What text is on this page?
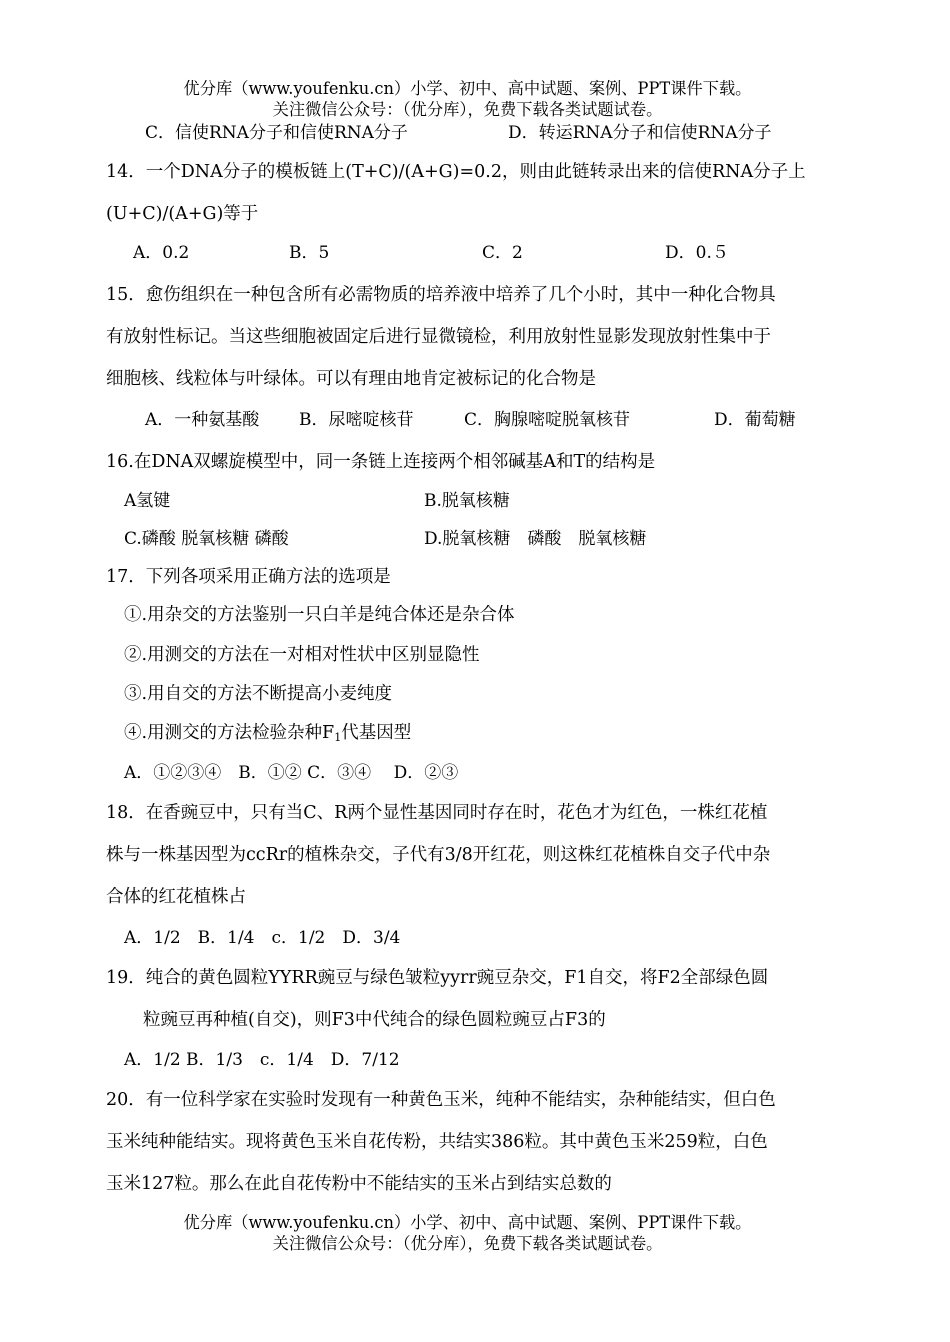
优分库（www.youfenku.cn）小学、初中、高中试题、案例、PPT课件下载。
关注微信公众号：（优分库），免费下载各类试题试卷。
C．信使RNA分子和信使RNA分子	D．转运RNA分子和信使RNA分子
14．一个DNA分子的模板链上(T+C)/(A+G)=0.2，则由此链转录出来的信使RNA分子上
(U+C)/(A+G)等于
A．0.2	B．5	C．2	D．0.５
15．愈伤组织在一种包含所有必需物质的培养液中培养了几个小时，其中一种化合物具
有放射性标记。当这些细胞被固定后进行显微镜检，利用放射性显影发现放射性集中于
细胞核、线粒体与叶绿体。可以有理由地肯定被标记的化合物是
A．一种氨基酸 B．尿嘧啶核苷	C．胸腺嘧啶脱氧核苷	D．葡萄糖
16.在DNA双螺旋模型中，同一条链上连接两个相邻碱基A和T的结构是
A氢键	B.脱氧核糖
C.磷酸 脱氧核糖 磷酸	D.脱氧核糖　磷酸　脱氧核糖
17．下列各项采用正确方法的选项是
①.用杂交的方法鉴别一只白羊是纯合体还是杂合体
②.用测交的方法在一对相对性状中区别显隐性
③.用自交的方法不断提高小麦纯度
④.用测交的方法检验杂种$F_1$代基因型
A．①②③④　B．①② C．③④ 　D．②③
18．在香豌豆中，只有当C、R两个显性基因同时存在时，花色才为红色，一株红花植
株与一株基因型为ccRr的植株杂交，子代有3/8开红花，则这株红花植株自交子代中杂
合体的红花植株占
A．1/2　B．1/4　c．1/2　D．3/4
19．纯合的黄色圆粒YYRR豌豆与绿色皱粒yyrr豌豆杂交，F1自交，将F2全部绿色圆
粒豌豆再种植(自交)，则F3中代纯合的绿色圆粒豌豆占F3的
A．1/2 B．1/3　c．1/4　D．7/12
20．有一位科学家在实验时发现有一种黄色玉米，纯种不能结实，杂种能结实，但白色
玉米纯种能结实。现将黄色玉米自花传粉，共结实386粒。其中黄色玉米259粒，白色
玉米127粒。那么在此自花传粉中不能结实的玉米占到结实总数的
优分库（www.youfenku.cn）小学、初中、高中试题、案例、PPT课件下载。
关注微信公众号：（优分库），免费下载各类试题试卷。
